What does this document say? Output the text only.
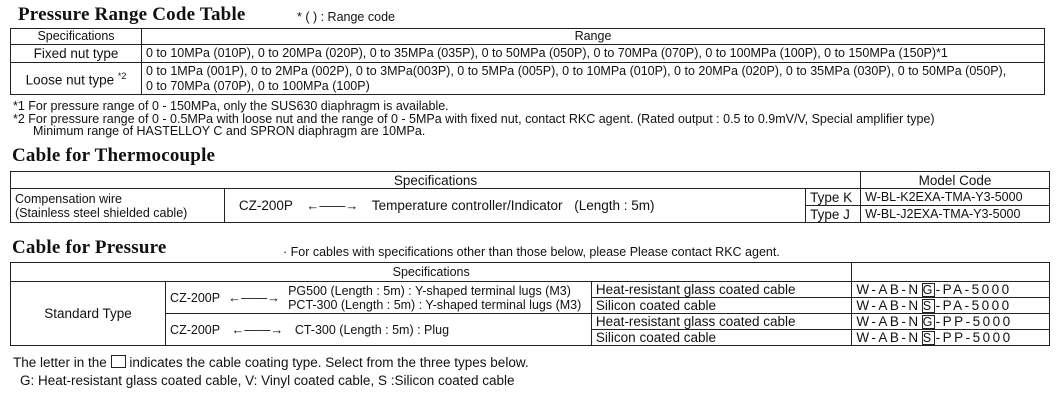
Pressure Range Code Table	* ( ) : Range code
Specifications	Range
Fixed nut type	0 to 10MPa (010P), 0 to 20MPa (020P), 0 to 35MPa (035P), 0 to 50MPa (050P), 0 to 70MPa (070P), 0 to 100MPa (100P), 0 to 150MPa (150P)*1
Loose nut type $^{*2}$	0 to 1MPa (001P), 0 to 2MPa (002P), 0 to 3MPa(003P), 0 to 5MPa (005P), 0 to 10MPa (010P), 0 to 20MPa (020P), 0 to 35MPa (030P), 0 to 50MPa (050P),
0 to 70MPa (070P), 0 to 100MPa (100P)
*1 For pressure range of 0 - 150MPa, only the SUS630 diaphragm is available.
*2 For pressure range of 0 - 0.5MPa with loose nut and the range of 0 - 5MPa with fixed nut, contact RKC agent. (Rated output : 0.5 to 0.9mV/V, Special amplifier type)
Minimum range of HASTELLOY C and SPRON diaphragm are 10MPa.
Cable for Thermocouple
Specifications			Model Code

Compensation wire
(Stainless steel shielded cable)	CZ-200P ←——→ Temperature controller/Indicator (Length : 5m)	Type K	W-BL-K2EXA-TMA-Y3-5000
		Type J	W-BL-J2EXA-TMA-Y3-5000
Cable for Pressure	· For cables with specifications other than those below, please Please contact RKC agent.
Specifications			
Standard Type	CZ-200P ←——→ PG500 (Length : 5m) : Y-shaped terminal lugs (M3)
PCT-300 (Length : 5m) : Y-shaped terminal lugs (M3)	Heat-resistant glass coated cable	W-AB-N G-PA-5000
		Silicon coated cable	W-AB-N S -PA-5000
	CZ-200P ←——→ CT-300 (Length : 5m) : Plug	Heat-resistant glass coated cable	W-AB-N G-PP-5000
		Silicon coated cable	W-AB-N S -PP-5000
The letter in the indicates the cable coating type. Select from the three types below.
G: Heat-resistant glass coated cable, V: Vinyl coated cable, S :Silicon coated cable
